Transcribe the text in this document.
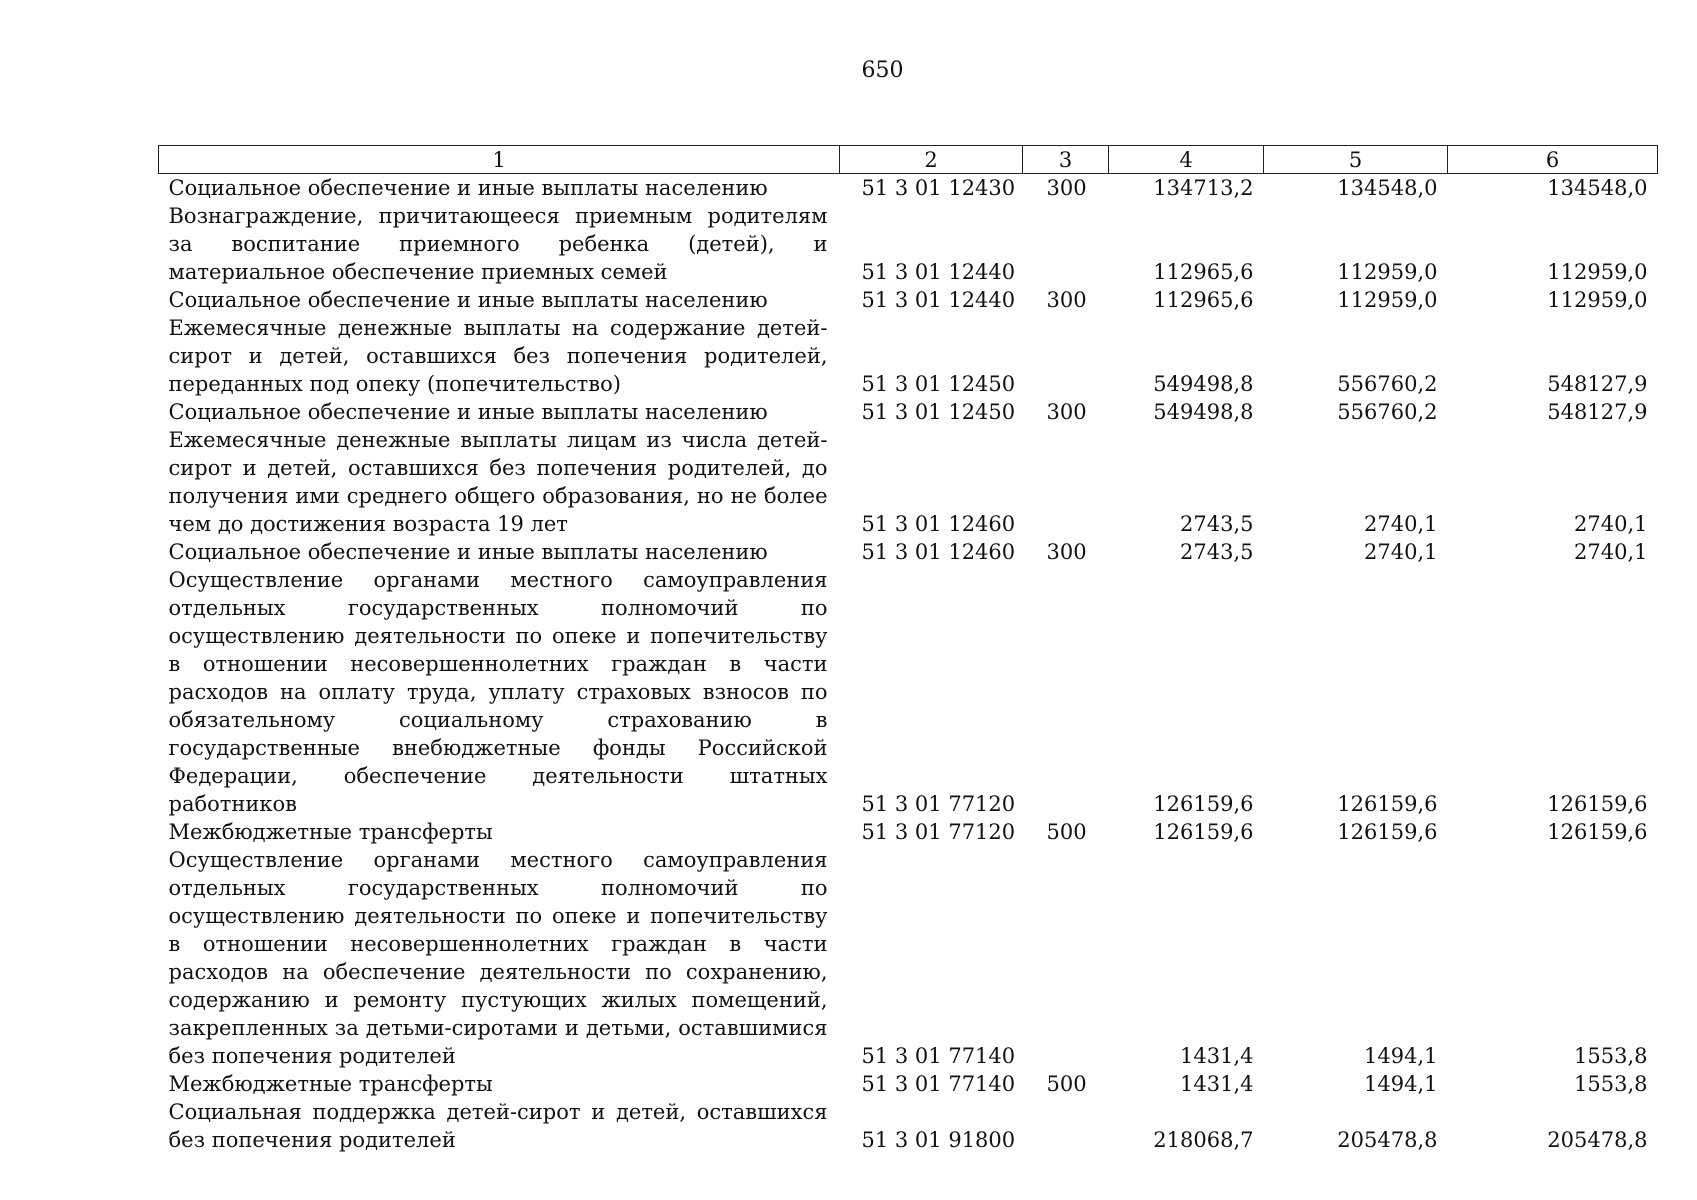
650
1	2	3	4	5	6
Социальное обеспечение и иные выплаты населению	51 3 01 12430	300	134713,2	134548,0	134548,0
Вознаграждение, причитающееся приемным родителям за воспитание приемного ребенка (детей), и материальное обеспечение приемных семей	51 3 01 12440		112965,6	112959,0	112959,0
Социальное обеспечение и иные выплаты населению	51 3 01 12440	300	112965,6	112959,0	112959,0
Ежемесячные денежные выплаты на содержание детей-сирот и детей, оставшихся без попечения родителей, переданных под опеку (попечительство)	51 3 01 12450		549498,8	556760,2	548127,9
Социальное обеспечение и иные выплаты населению	51 3 01 12450	300	549498,8	556760,2	548127,9
Ежемесячные денежные выплаты лицам из числа детей-сирот и детей, оставшихся без попечения родителей, до получения ими среднего общего образования, но не более чем до достижения возраста 19 лет	51 3 01 12460		2743,5	2740,1	2740,1
Социальное обеспечение и иные выплаты населению	51 3 01 12460	300	2743,5	2740,1	2740,1
Осуществление органами местного самоуправления отдельных государственных полномочий по осуществлению деятельности по опеке и попечительству в отношении несовершеннолетних граждан в части расходов на оплату труда, уплату страховых взносов по обязательному социальному страхованию в государственные внебюджетные фонды Российской Федерации, обеспечение деятельности штатных работников	51 3 01 77120		126159,6	126159,6	126159,6
Межбюджетные трансферты	51 3 01 77120	500	126159,6	126159,6	126159,6
Осуществление органами местного самоуправления отдельных государственных полномочий по осуществлению деятельности по опеке и попечительству в отношении несовершеннолетних граждан в части расходов на обеспечение деятельности по сохранению, содержанию и ремонту пустующих жилых помещений, закрепленных за детьми-сиротами и детьми, оставшимися без попечения родителей	51 3 01 77140		1431,4	1494,1	1553,8
Межбюджетные трансферты	51 3 01 77140	500	1431,4	1494,1	1553,8
Социальная поддержка детей-сирот и детей, оставшихся без попечения родителей	51 3 01 91800		218068,7	205478,8	205478,8
